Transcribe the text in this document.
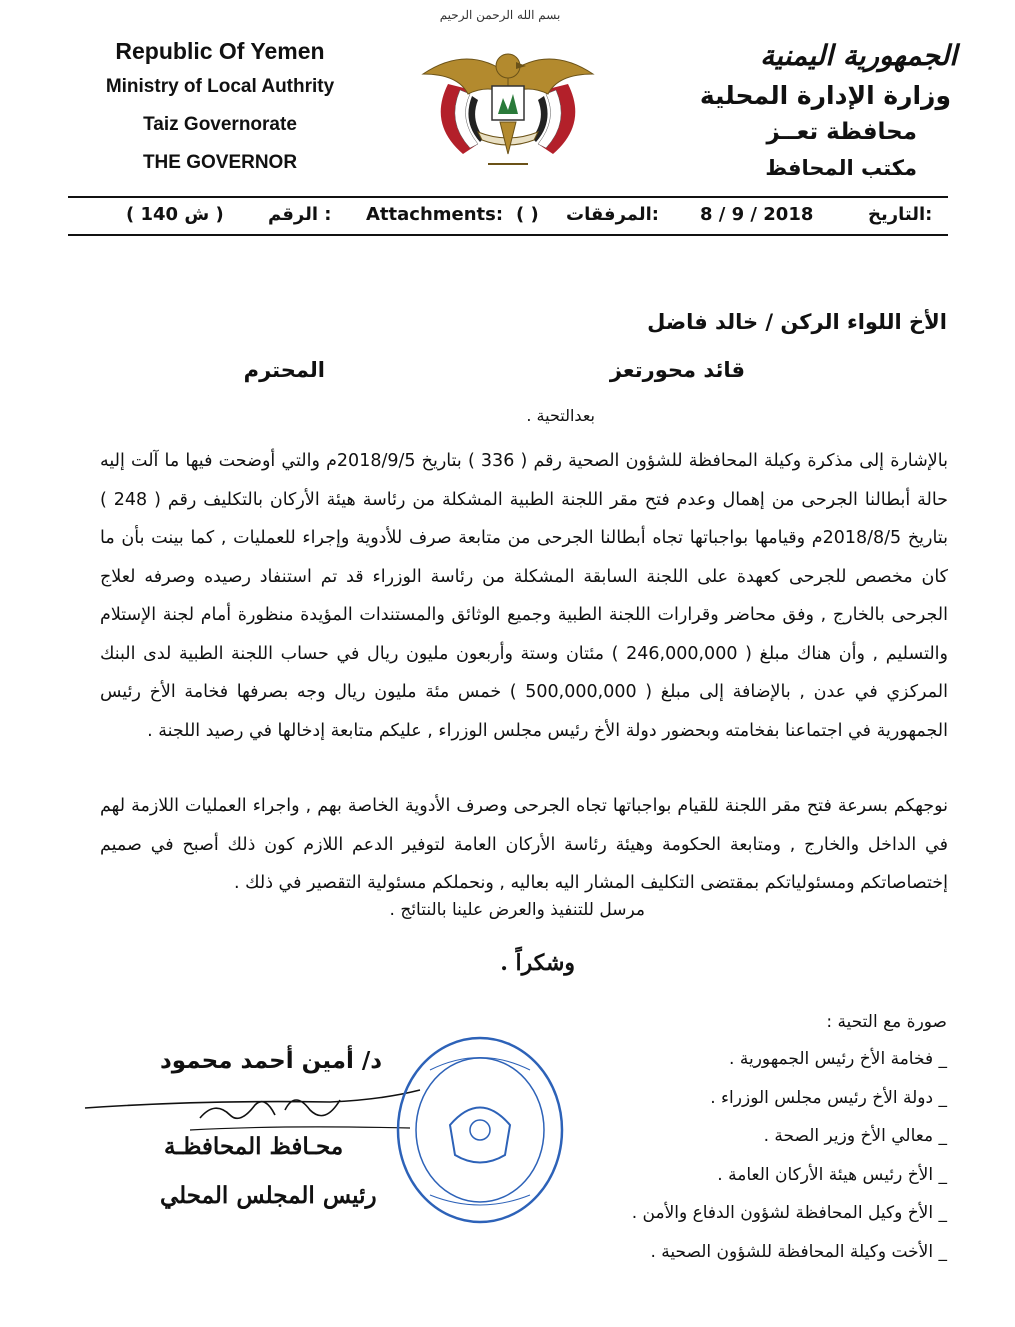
بسم الله الرحمن الرحيم
Republic Of Yemen
Ministry of Local Authrity
Taiz Governorate
THE GOVERNOR
الجمهورية اليمنية
وزارة الإدارة المحلية
محافظة تعــز
مكتب المحافظ
( ش 140 ) الرقم : Attachments: ( ) المرفقات: 8 / 9 / 2018	التاريخ:
الأخ اللواء الركن / خالد فاضل
قائد محورتعز
المحترم
بعدالتحية .
بالإشارة إلى مذكرة وكيلة المحافظة للشؤون الصحية رقم ( 336 ) بتاريخ 2018/9/5م والتي أوضحت فيها ما آلت إليه حالة أبطالنا الجرحى من إهمال وعدم فتح مقر اللجنة الطبية المشكلة من رئاسة هيئة الأركان بالتكليف رقم ( 248 ) بتاريخ 2018/8/5م وقيامها بواجباتها تجاه أبطالنا الجرحى من متابعة صرف للأدوية وإجراء للعمليات , كما بينت بأن ما كان مخصص للجرحى كعهدة على اللجنة السابقة المشكلة من رئاسة الوزراء قد تم استنفاد رصيده وصرفه لعلاج الجرحى بالخارج , وفق محاضر وقرارات اللجنة الطبية وجميع الوثائق والمستندات المؤيدة منظورة أمام لجنة الإستلام والتسليم , وأن هناك مبلغ ( 246,000,000 ) مئتان وستة وأربعون مليون ريال في حساب اللجنة الطبية لدى البنك المركزي في عدن , بالإضافة إلى مبلغ ( 500,000,000 ) خمس مئة مليون ريال وجه بصرفها فخامة الأخ رئيس الجمهورية في اجتماعنا بفخامته وبحضور دولة الأخ رئيس مجلس الوزراء , عليكم متابعة إدخالها في رصيد اللجنة .
نوجهكم بسرعة فتح مقر اللجنة للقيام بواجباتها تجاه الجرحى وصرف الأدوية الخاصة بهم , واجراء العمليات اللازمة لهم في الداخل والخارج , ومتابعة الحكومة وهيئة رئاسة الأركان العامة لتوفير الدعم اللازم كون ذلك أصبح في صميم إختصاصاتكم ومسئولياتكم بمقتضى التكليف المشار اليه بعاليه , ونحملكم مسئولية التقصير في ذلك .
مرسل للتنفيذ والعرض علينا بالنتائج .
وشكراً .
صورة مع التحية :
_ فخامة الأخ رئيس الجمهورية .
_ دولة الأخ رئيس مجلس الوزراء .
_ معالي الأخ وزير الصحة .
_ الأخ رئيس هيئة الأركان العامة .
_ الأخ وكيل المحافظة لشؤون الدفاع والأمن .
_ الأخت وكيلة المحافظة للشؤون الصحية .
د/ أمين أحمد محمود
محـافظ المحافظـة
رئيس المجلس المحلي
